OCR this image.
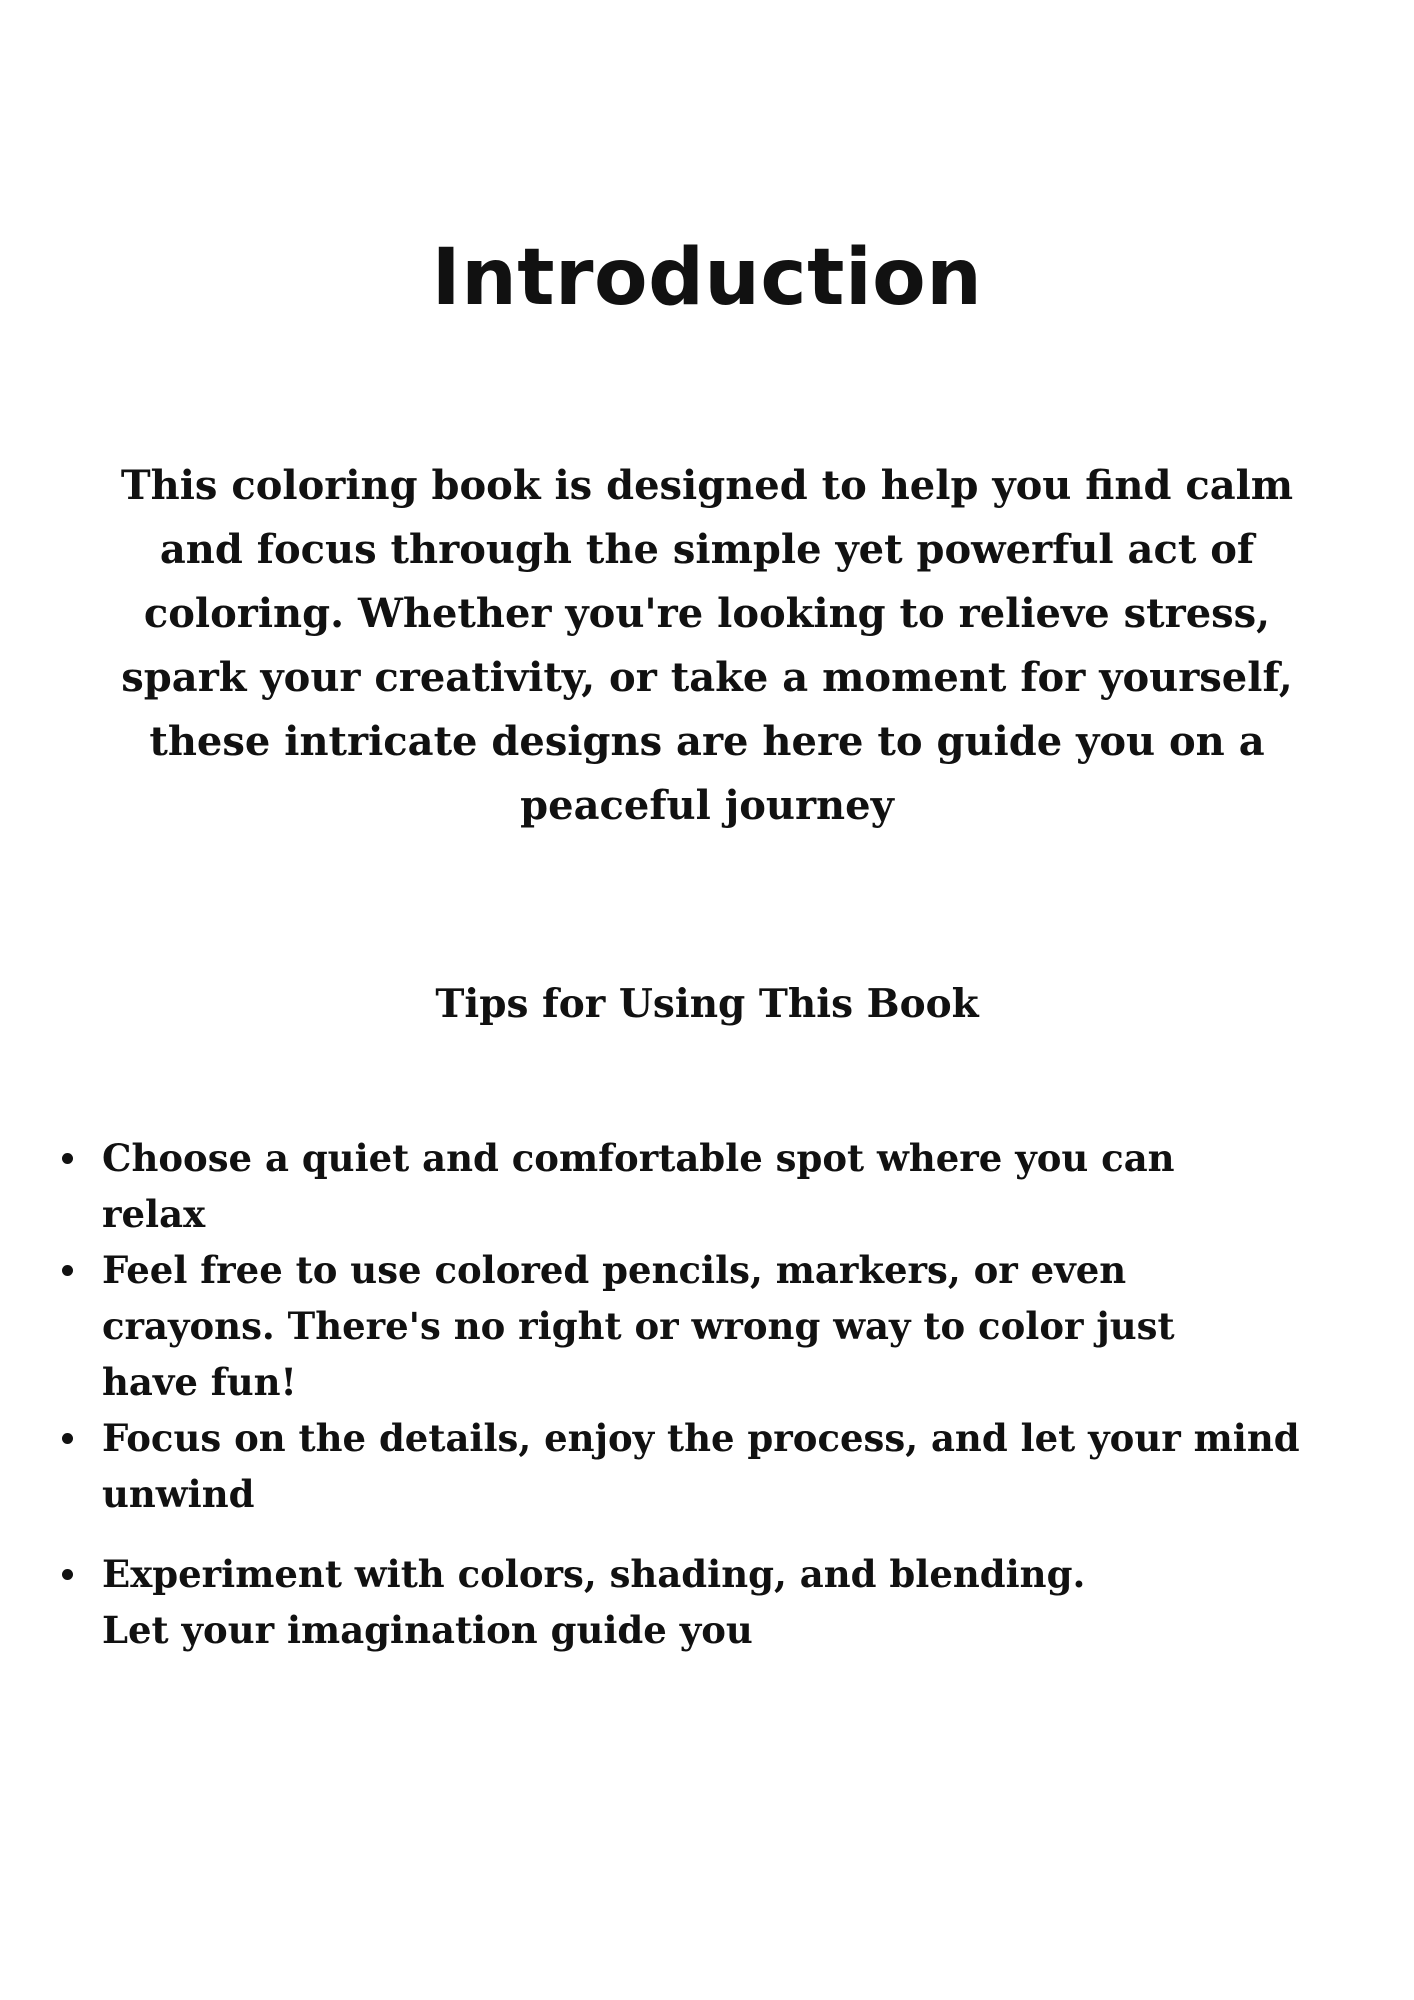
Introduction

This coloring book is designed to help you find calm
and focus through the simple yet powerful act of
coloring. Whether you're looking to relieve stress,
spark your creativity, or take a moment for yourself,
these intricate designs are here to guide you on a
peaceful journey

Tips for Using This Book
Choose a quiet and comfortable spot where you can
relax
Feel free to use colored pencils, markers, or even
crayons. There's no right or wrong way to color just
have fun!
Focus on the details, enjoy the process, and let your mind
unwind
Experiment with colors, shading, and blending.
Let your imagination guide you
